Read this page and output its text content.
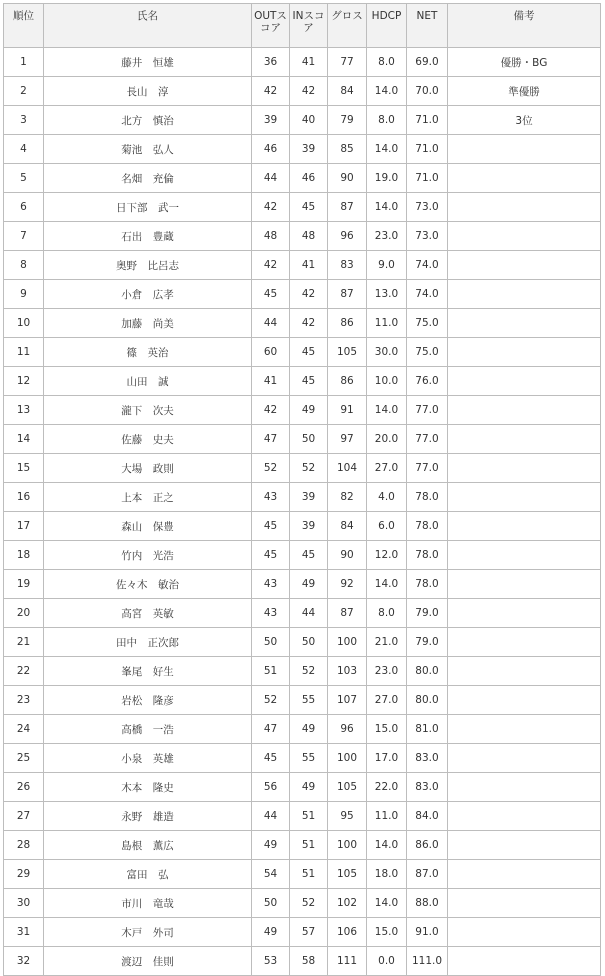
順位	氏名	OUTスコア	INスコア	グロス	HDCP	NET	備考
1	藤井　恒雄	36	41	77	8.0	69.0	優勝・BG
2	長山　淳	42	42	84	14.0	70.0	準優勝
3	北方　慎治	39	40	79	8.0	71.0	3位
4	菊池　弘人	46	39	85	14.0	71.0	
5	名畑　充倫	44	46	90	19.0	71.0	
6	日下部　武一	42	45	87	14.0	73.0	
7	石出　豊蔵	48	48	96	23.0	73.0	
8	奥野　比呂志	42	41	83	9.0	74.0	
9	小倉　広孝	45	42	87	13.0	74.0	
10	加藤　尚美	44	42	86	11.0	75.0	
11	篠　英治	60	45	105	30.0	75.0	
12	山田　誠	41	45	86	10.0	76.0	
13	瀧下　次夫	42	49	91	14.0	77.0	
14	佐藤　史夫	47	50	97	20.0	77.0	
15	大場　政則	52	52	104	27.0	77.0	
16	上本　正之	43	39	82	4.0	78.0	
17	森山　保豊	45	39	84	6.0	78.0	
18	竹内　光浩	45	45	90	12.0	78.0	
19	佐々木　敏治	43	49	92	14.0	78.0	
20	高宮　英敏	43	44	87	8.0	79.0	
21	田中　正次郎	50	50	100	21.0	79.0	
22	峯尾　好生	51	52	103	23.0	80.0	
23	岩松　隆彦	52	55	107	27.0	80.0	
24	高橋　一浩	47	49	96	15.0	81.0	
25	小泉　英雄	45	55	100	17.0	83.0	
26	木本　隆史	56	49	105	22.0	83.0	
27	永野　雄造	44	51	95	11.0	84.0	
28	島根　薫広	49	51	100	14.0	86.0	
29	富田　弘	54	51	105	18.0	87.0	
30	市川　竜哉	50	52	102	14.0	88.0	
31	木戸　外司	49	57	106	15.0	91.0	
32	渡辺　佳則	53	58	111	0.0	111.0	
